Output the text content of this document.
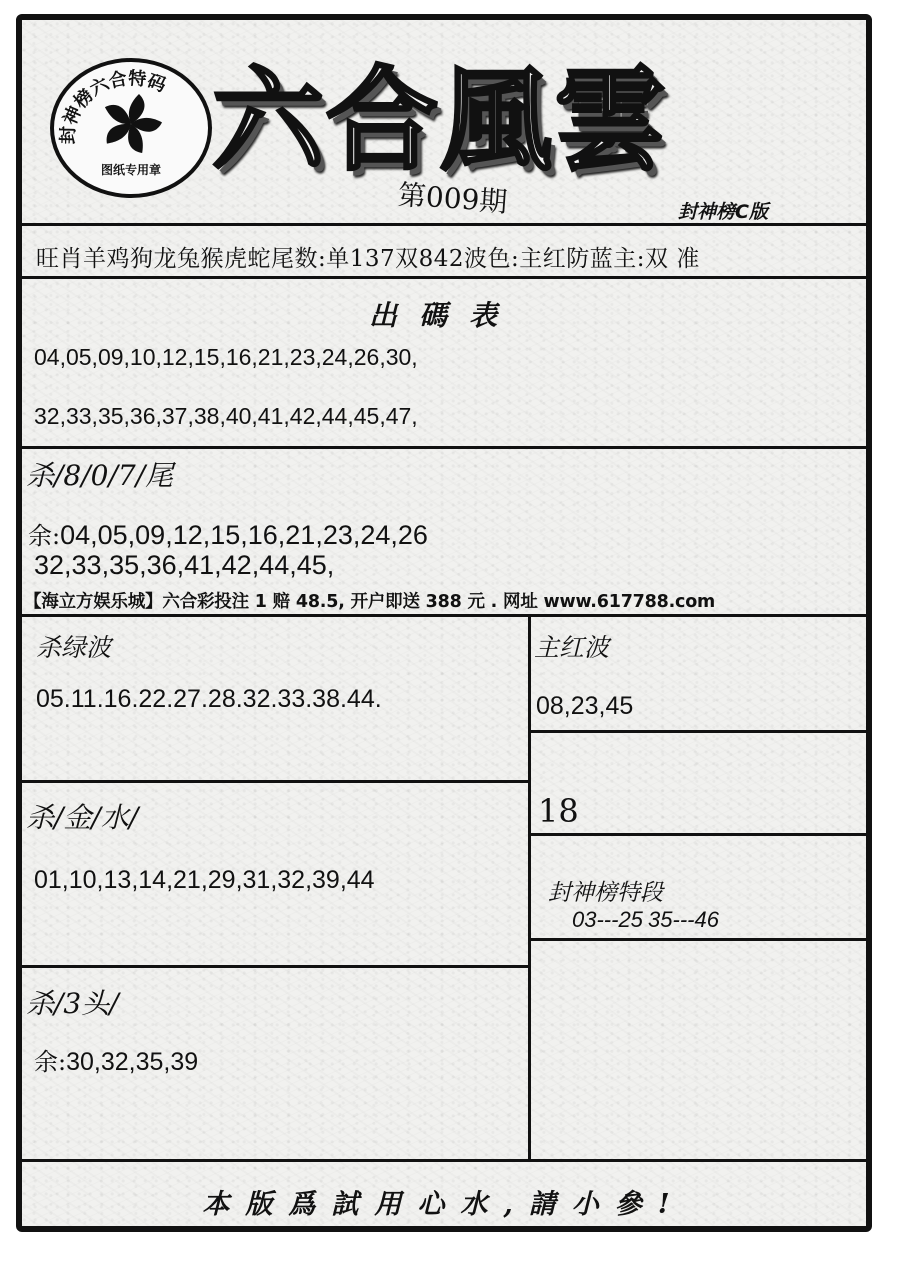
封神榜六合特码
图纸专用章 六合風雲
第009期	封神榜C版
旺肖羊鸡狗龙兔猴虎蛇尾数:单137双842波色:主红防蓝主:双 准
出碼表
04,05,09,10,12,15,16,21,23,24,26,30,
32,33,35,36,37,38,40,41,42,44,45,47,
杀/8/0/7/尾
余:04,05,09,12,15,16,21,23,24,26
32,33,35,36,41,42,44,45,
【海立方娱乐城】六合彩投注 1 赔 48.5, 开户即送 388 元 . 网址 www.617788.com
杀绿波
05.11.16.22.27.28.32.33.38.44.
主红波
08,23,45
18
杀/金/水/
01,10,13,14,21,29,31,32,39,44	封神榜特段
03---25 35---46
杀/3头/
余:30,32,35,39
本版爲試用心水,請小參!
